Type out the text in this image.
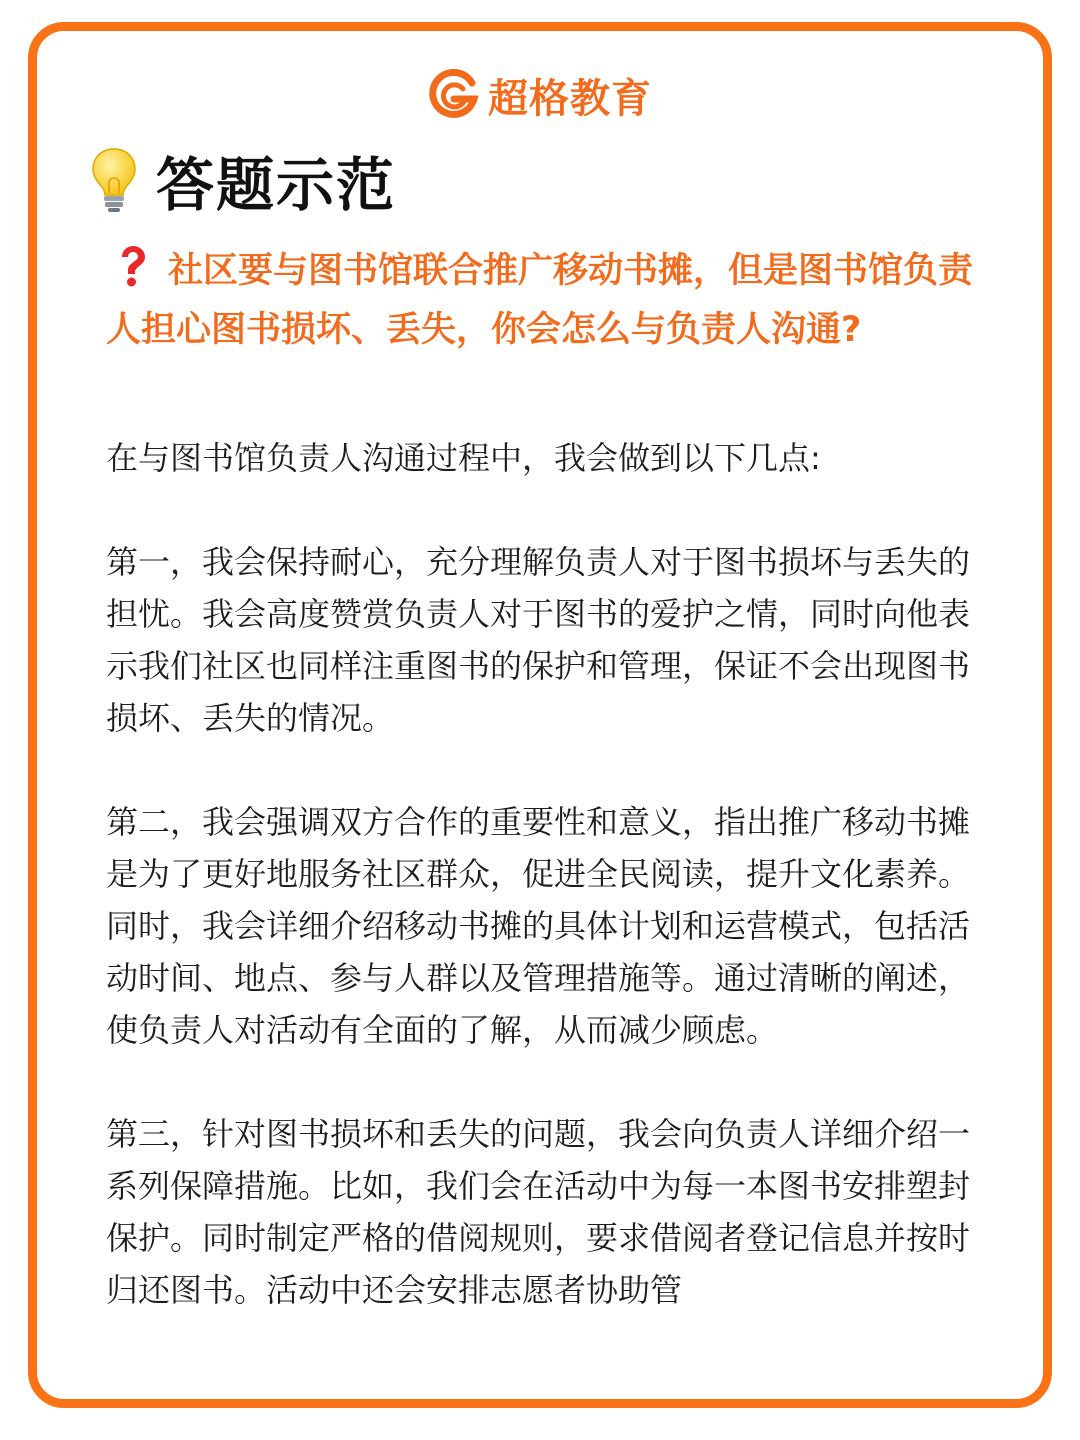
超格教育
答题示范
社区要与图书馆联合推广移动书摊，但是图书馆负责人担心图书损坏、丢失，你会怎么与负责人沟通?

在与图书馆负责人沟通过程中，我会做到以下几点:

第一，我会保持耐心，充分理解负责人对于图书损坏与丢失的担忧。我会高度赞赏负责人对于图书的爱护之情，同时向他表示我们社区也同样注重图书的保护和管理，保证不会出现图书损坏、丢失的情况。

第二，我会强调双方合作的重要性和意义，指出推广移动书摊是为了更好地服务社区群众，促进全民阅读，提升文化素养。同时，我会详细介绍移动书摊的具体计划和运营模式，包括活动时间、地点、参与人群以及管理措施等。通过清晰的阐述，使负责人对活动有全面的了解，从而减少顾虑。

第三，针对图书损坏和丢失的问题，我会向负责人详细介绍一系列保障措施。比如，我们会在活动中为每一本图书安排塑封保护。同时制定严格的借阅规则，要求借阅者登记信息并按时归还图书。活动中还会安排志愿者协助管
